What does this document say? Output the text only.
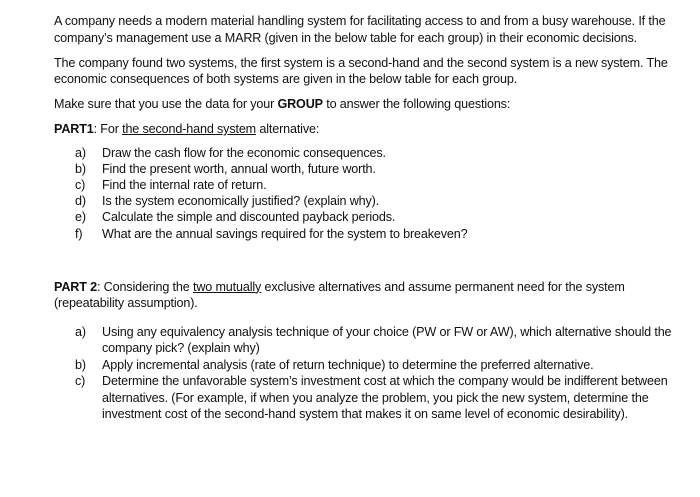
A company needs a modern material handling system for facilitating access to and from a busy warehouse. If the company’s management use a MARR (given in the below table for each group) in their economic decisions.

The company found two systems, the first system is a second-hand and the second system is a new system. The economic consequences of both systems are given in the below table for each group.

Make sure that you use the data for your GROUP to answer the following questions:

PART1: For the second-hand system alternative:

a) Draw the cash flow for the economic consequences.
b) Find the present worth, annual worth, future worth.
c) Find the internal rate of return.
d) Is the system economically justified? (explain why).
e) Calculate the simple and discounted payback periods.
f) What are the annual savings required for the system to breakeven?

PART 2: Considering the two mutually exclusive alternatives and assume permanent need for the system (repeatability assumption).

a) Using any equivalency analysis technique of your choice (PW or FW or AW), which alternative should the company pick? (explain why)
b) Apply incremental analysis (rate of return technique) to determine the preferred alternative.
c) Determine the unfavorable system’s investment cost at which the company would be indifferent between alternatives. (For example, if when you analyze the problem, you pick the new system, determine the investment cost of the second-hand system that makes it on same level of economic desirability).
